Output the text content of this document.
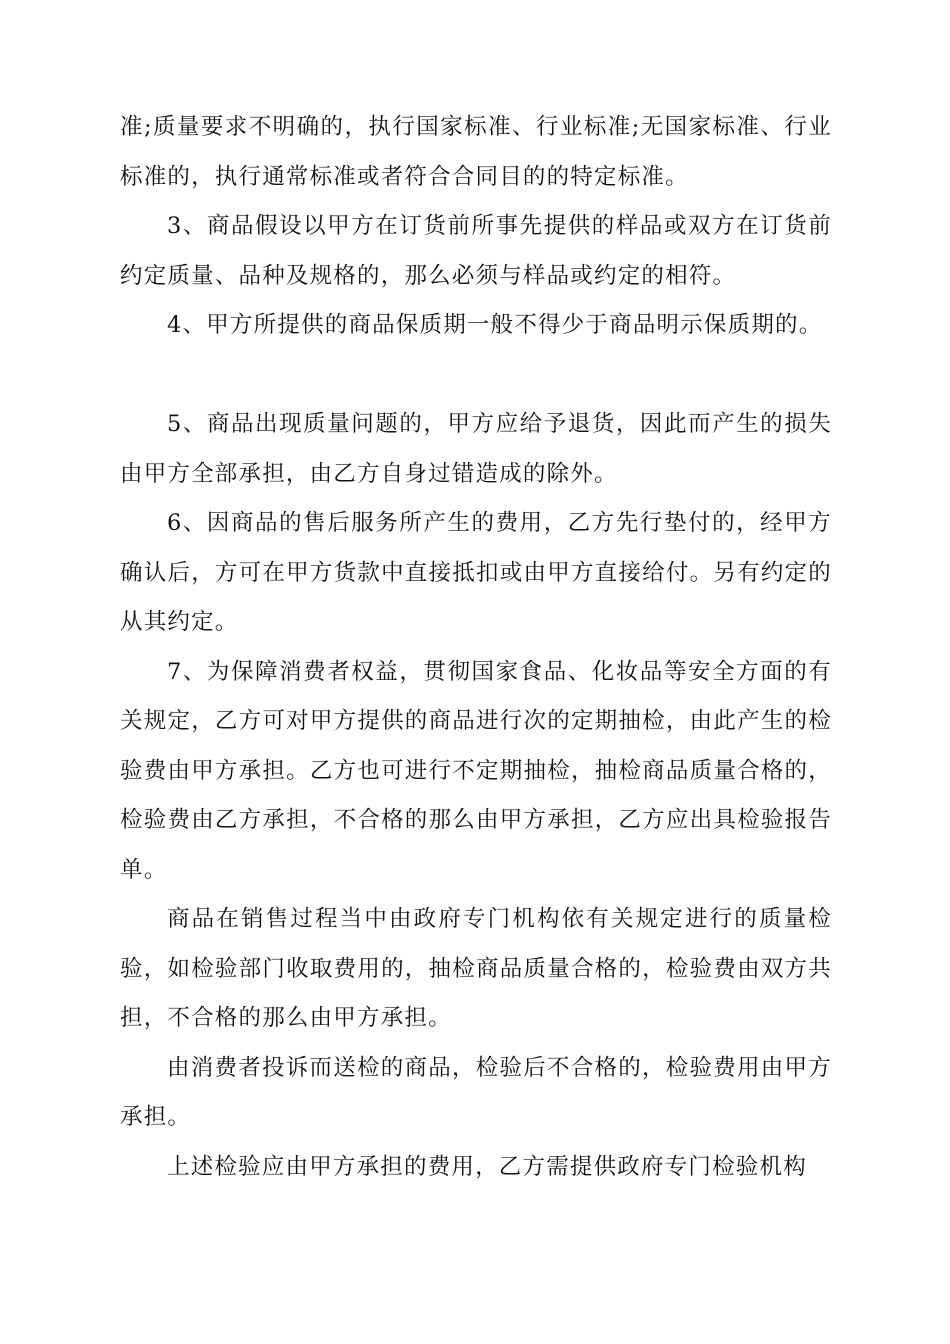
准;质量要求不明确的，执行国家标准、行业标准;无国家标准、行业标准的，执行通常标准或者符合合同目的的特定标准。

3、商品假设以甲方在订货前所事先提供的样品或双方在订货前约定质量、品种及规格的，那么必须与样品或约定的相符。

4、甲方所提供的商品保质期一般不得少于商品明示保质期的。

5、商品出现质量问题的，甲方应给予退货，因此而产生的损失由甲方全部承担，由乙方自身过错造成的除外。

6、因商品的售后服务所产生的费用，乙方先行垫付的，经甲方确认后，方可在甲方货款中直接抵扣或由甲方直接给付。另有约定的从其约定。

7、为保障消费者权益，贯彻国家食品、化妆品等安全方面的有关规定，乙方可对甲方提供的商品进行次的定期抽检，由此产生的检验费由甲方承担。乙方也可进行不定期抽检，抽检商品质量合格的，检验费由乙方承担，不合格的那么由甲方承担，乙方应出具检验报告单。

商品在销售过程当中由政府专门机构依有关规定进行的质量检验，如检验部门收取费用的，抽检商品质量合格的，检验费由双方共担，不合格的那么由甲方承担。

由消费者投诉而送检的商品，检验后不合格的，检验费用由甲方承担。

上述检验应由甲方承担的费用，乙方需提供政府专门检验机构
